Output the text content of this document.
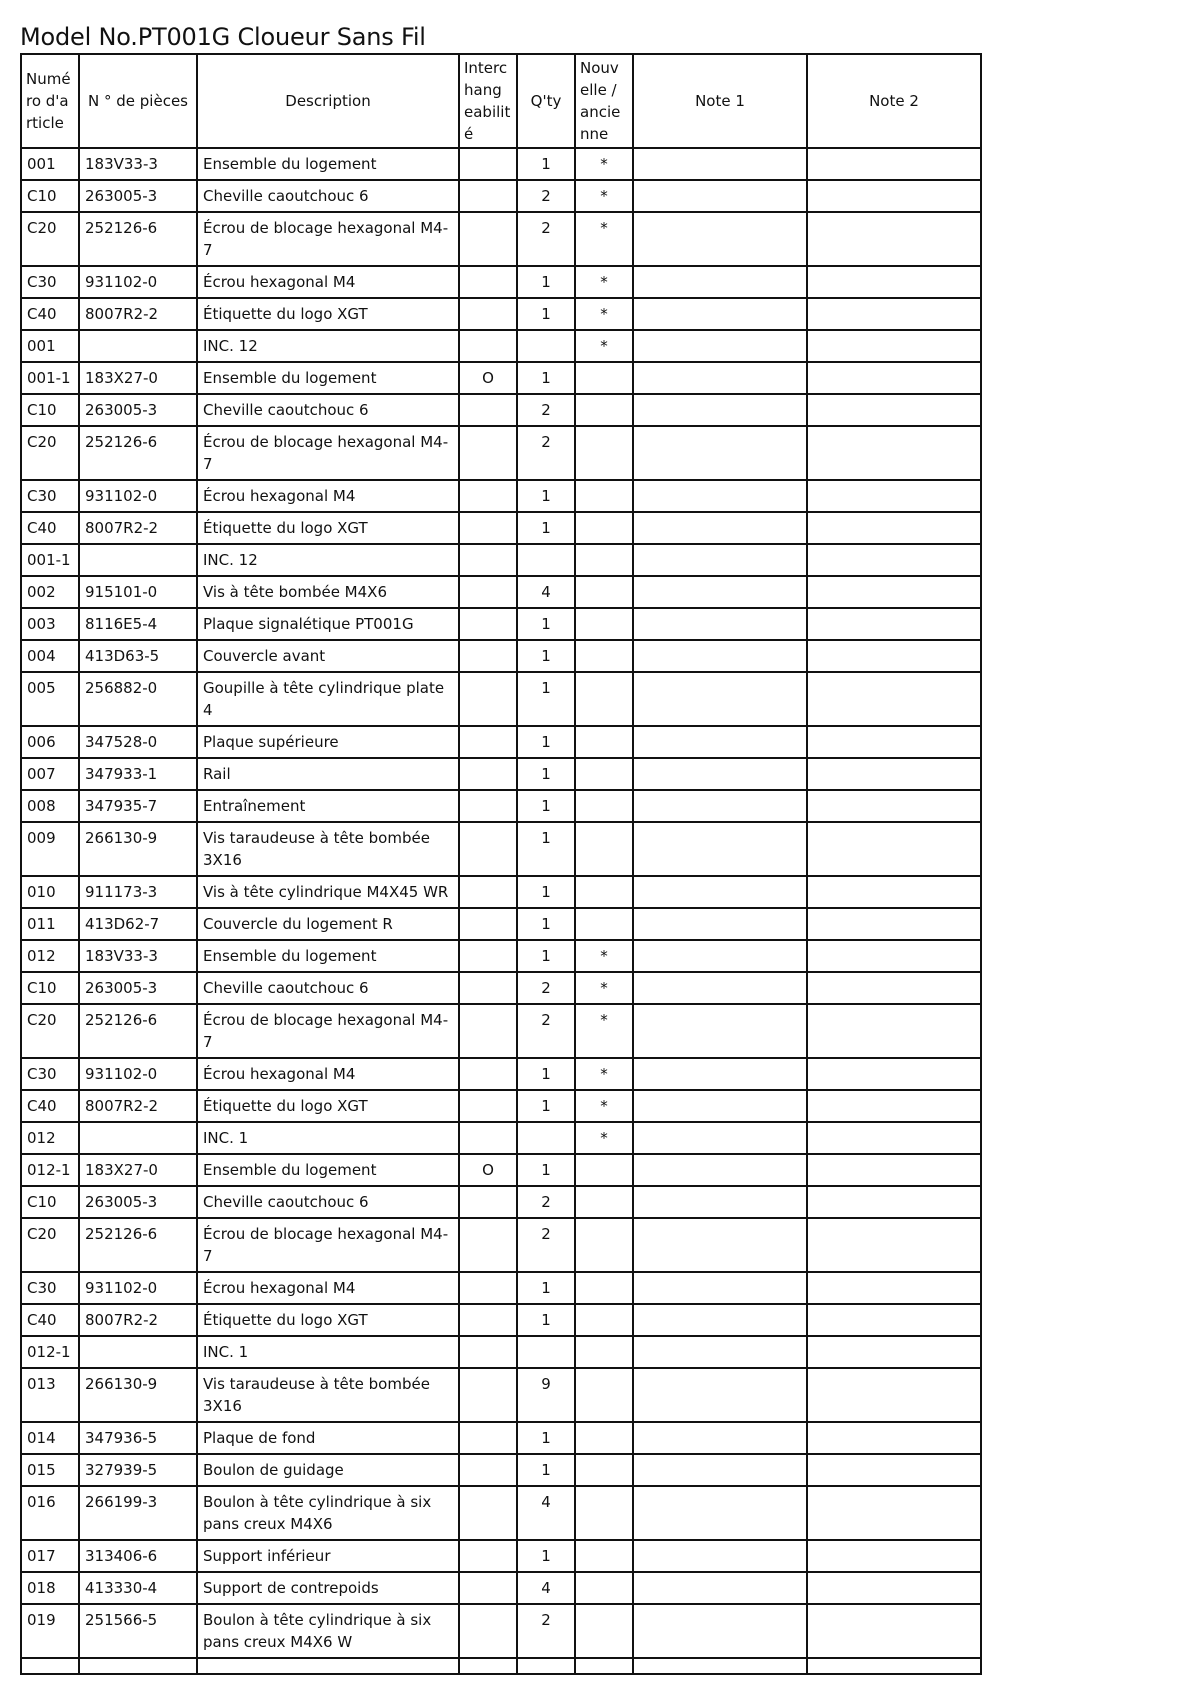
Model No.PT001G Cloueur Sans Fil
Numé ro d'a rticle	N ° de pièces	Description	Interc hang eabilit é	Q'ty	Nouv elle / ancie nne	Note 1	Note 2
001	183V33-3	Ensemble du logement		1	*		
C10	263005-3	Cheville caoutchouc 6		2	*		
C20	252126-6	Écrou de blocage hexagonal M4-7		2	*		
C30	931102-0	Écrou hexagonal M4		1	*		
C40	8007R2-2	Étiquette du logo XGT		1	*		
001		INC. 12			*		
001-1	183X27-0	Ensemble du logement	O	1			
C10	263005-3	Cheville caoutchouc 6		2			
C20	252126-6	Écrou de blocage hexagonal M4-7		2			
C30	931102-0	Écrou hexagonal M4		1			
C40	8007R2-2	Étiquette du logo XGT		1			
001-1		INC. 12					
002	915101-0	Vis à tête bombée M4X6		4			
003	8116E5-4	Plaque signalétique PT001G		1			
004	413D63-5	Couvercle avant		1			
005	256882-0	Goupille à tête cylindrique plate 4		1			
006	347528-0	Plaque supérieure		1			
007	347933-1	Rail		1			
008	347935-7	Entraînement		1			
009	266130-9	Vis taraudeuse à tête bombée 3X16		1			
010	911173-3	Vis à tête cylindrique M4X45 WR		1			
011	413D62-7	Couvercle du logement R		1			
012	183V33-3	Ensemble du logement		1	*		
C10	263005-3	Cheville caoutchouc 6		2	*		
C20	252126-6	Écrou de blocage hexagonal M4-7		2	*		
C30	931102-0	Écrou hexagonal M4		1	*		
C40	8007R2-2	Étiquette du logo XGT		1	*		
012		INC. 1			*		
012-1	183X27-0	Ensemble du logement	O	1			
C10	263005-3	Cheville caoutchouc 6		2			
C20	252126-6	Écrou de blocage hexagonal M4-7		2			
C30	931102-0	Écrou hexagonal M4		1			
C40	8007R2-2	Étiquette du logo XGT		1			
012-1		INC. 1					
013	266130-9	Vis taraudeuse à tête bombée 3X16		9			
014	347936-5	Plaque de fond		1			
015	327939-5	Boulon de guidage		1			
016	266199-3	Boulon à tête cylindrique à six pans creux M4X6		4			
017	313406-6	Support inférieur		1			
018	413330-4	Support de contrepoids		4			
019	251566-5	Boulon à tête cylindrique à six pans creux M4X6 W		2			
